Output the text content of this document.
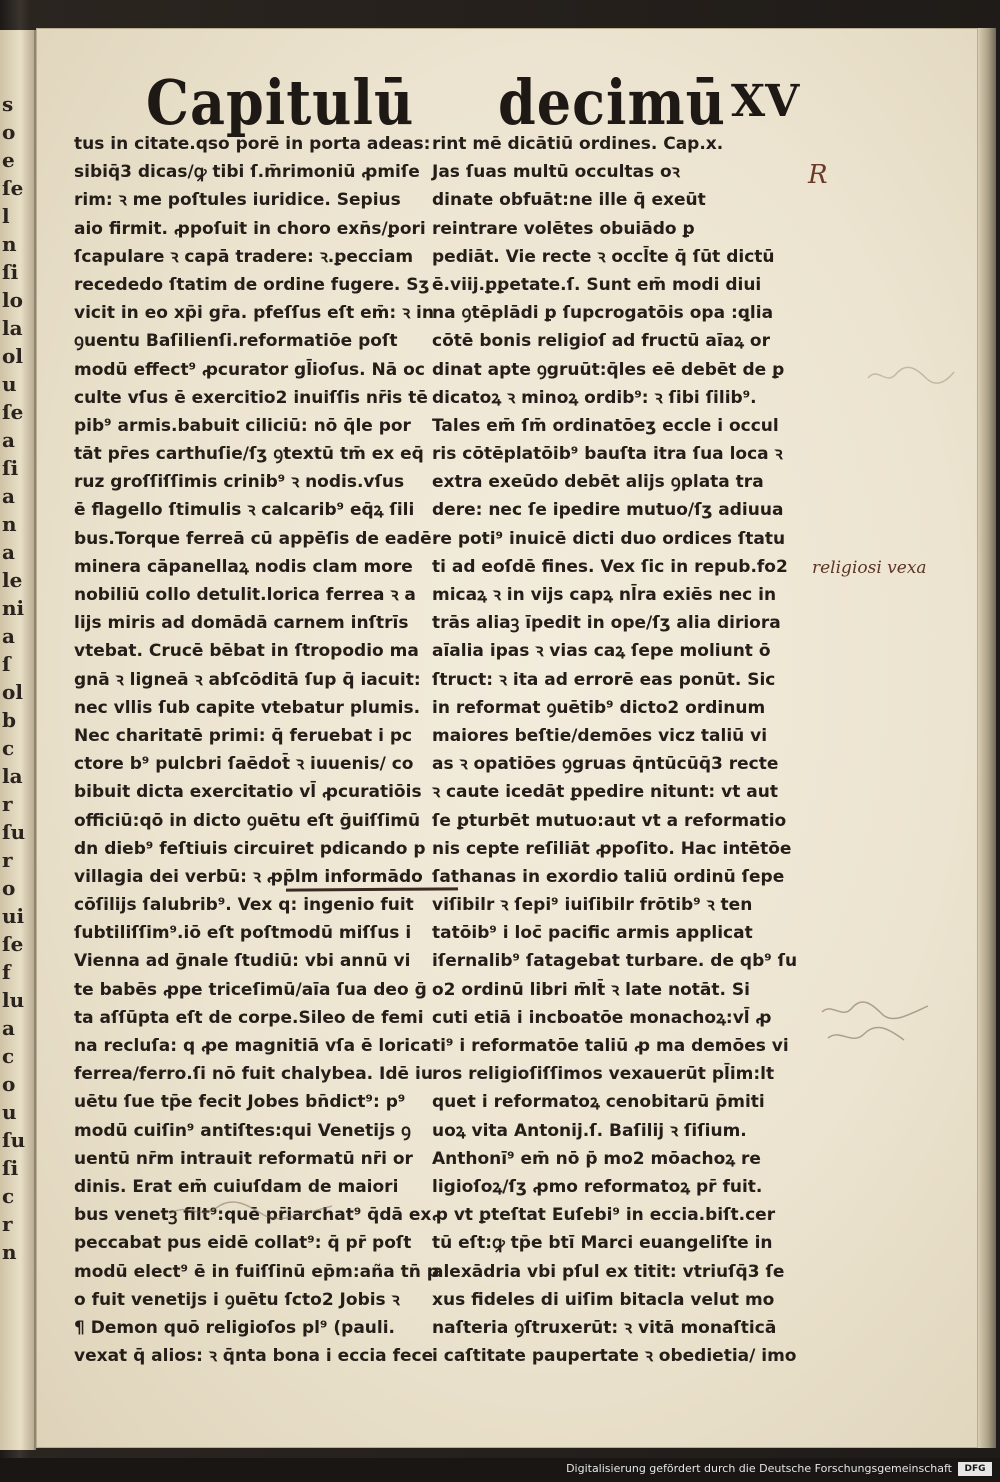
s
o
e
ſe
l
n
ſi
lo
la
ol
u
ſe
a
ſi
a
n
a
le
ni
a
ſ
ol
b
c
la
r
ſu
r
o
ui
ſe
f
lu
a
c
o
u
ſu
ſi
c
r
n
Capitulū decimū XV
tus in citate.qso porē in porta adeas:
sibiq̄3 dicas/ꝙ tibi ſ.m̄rimoniū ꝓmiſe
rim: ꝛ me poſtules iuridice. Sepius
aio firmit. ꝓpoſuit in choro exn̄s/ꝑori
ſcapulare ꝛ capā tradere: ꝛ.ꝑecciam
recededo ſtatim de ordine fugere. Sʒ
vicit in eo xp̄i gr̄a. pfeſſus eſt em̄: ꝛ in
ꝯuentu Baſilienſi.reformatiōe poſt
modū effect⁹ ꝓcurator gl̄ioſus. Nā oc
culte vſus ē exercitio2 inuiſſis nr̄is tē
pib⁹ armis.babuit ciliciū: nō q̄le por
tāt pr̄es carthuſie/ſʒ ꝯtextū tm̄ ex eq̄
ruz groſſiſſimis crinib⁹ ꝛ nodis.vſus
ē flagello ſtimulis ꝛ calcarib⁹ eq̄ꝝ ſili
bus.Torque ferreā cū appēſis de eadē
minera cāpanellaꝝ nodis clam more
nobiliū collo detulit.lorica ferrea ꝛ a
lijs miris ad domādā carnem inſtrīs
vtebat. Crucē bēbat in ſtropodio ma
gnā ꝛ ligneā ꝛ abſcōditā ſup q̄ iacuit:
nec vllis ſub capite vtebatur plumis.
Nec charitatē primi: q̄ feruebat i pc
ctore b⁹ pulcbri ſaēdot̄ ꝛ iuuenis/ co
bibuit dicta exercitatio vl̄ ꝓcuratiōis
officiū:qō in dicto ꝯuētu eſt ḡuiſſimū
dn dieb⁹ feſtiuis circuiret pdicando p
villagia dei verbū: ꝛ ꝓp̄lm informādo
cōſilijs ſalubrib⁹. Vex q: ingenio fuit
ſubtiliſſim⁹.iō eſt poſtmodū miſſus i
Vienna ad ḡnale ſtudiū: vbi annū vi
te babēs ꝓpe triceſimū/aīa ſua deo ḡ
ta aſſūpta eſt de corpe.Sileo de femi
na recluſa: q ꝓe magnitiā vſa ē lorica
ferrea/ferro.ſi nō fuit chalybea. Idē iu
uētu ſue tp̄e fecit Jobes bn̄dict⁹: p⁹
modū cuiſin⁹ antiſtes:qui Venetijs ꝯ
uentū nr̄m intrauit reformatū nr̄i or
dinis. Erat em̄ cuiuſdam de maiori
bus venetꝫ filt⁹:quē pr̄iarchat⁹ q̄dā ex
peccabat pus eidē collat⁹: q̄ pr̄ poſt
modū elect⁹ ē in fuiſſinū ep̄m:aña tn̄ p
o fuit venetijs i ꝯuētu ſcto2 Jobis ꝛ
¶ Demon quō religioſos pl⁹ (pauli.
vexat q̄ alios: ꝛ q̄nta bona i eccia fece
rint mē dicātiū ordines. Cap.x.
Jas ſuas multū occultas oꝛ
dinate obfuāt:ne ille q̄ exeūt
reintrare volētes obuiādo ꝑ
pediāt. Vie recte ꝛ occl̄te q̄ ſūt dictū
ē.viij.ꝑꝑetate.ſ. Sunt em̄ modi diui
na ꝯtēplādi ꝑ ſupcrogatōis opa :ꝗlia
cōtē bonis religioſ ad fructū aīaꝝ or
dinat apte ꝯgruūt:q̄les eē debēt de ꝑ
dicatoꝝ ꝛ minoꝝ ordib⁹: ꝛ ſibi ſilib⁹.
Tales em̄ ſm̄ ordinatōeʒ eccle i occul
ris cōtēplatōib⁹ bauſta itra ſua loca ꝛ
extra exeūdo debēt alijs ꝯplata tra
dere: nec ſe ipedire mutuo/ſʒ adiuua
re poti⁹ inuicē dicti duo ordices ſtatu
ti ad eoſdē fines. Vex ſic in repub.fo2
micaꝝ ꝛ in vijs capꝝ nl̄ra exiēs nec in
trās aliaꝫ īpedit in ope/ſʒ alia diriora
aīalia ipas ꝛ vias caꝝ ſepe moliunt ō
ſtruct: ꝛ ita ad errorē eas ponūt. Sic
in reformat ꝯuētib⁹ dicto2 ordinum
maiores beſtie/demōes vicz taliū vi
as ꝛ opatiōes ꝯgruas q̄ntūcūq̄3 recte
ꝛ caute icedāt ꝑpedire nitunt: vt aut
ſe ꝑturbēt mutuo:aut vt a reformatio
nis cepte reſiliāt ꝓpoſito. Hac intētōe
ſathanas in exordio taliū ordinū ſepe
viſibilr ꝛ ſepi⁹ iuiſibilr frōtib⁹ ꝛ ten
tatōib⁹ i loc̄ pacific armis applicat
iſernalib⁹ ſatagebat turbare. de qb⁹ ſu
o2 ordinū libri m̄lt̄ ꝛ late notāt. Si
cuti etiā i incboatōe monachoꝝ:vl̄ ꝓ
ti⁹ i reformatōe taliū ꝓ ma demōes vi
ros religioſiſſimos vexauerūt pl̄im:lt
quet i reformatoꝝ cenobitarū p̄miti
uoꝝ vita Antonij.ſ. Baſilij ꝛ ſiſium.
Anthonī⁹ em̄ nō p̄ mo2 mōachoꝝ re
ligioſoꝝ/ſʒ ꝓmo reformatoꝝ pr̄ fuit.
ꝓ vt ꝑteſtat Euſebi⁹ in eccia.biſt.cer
tū eſt:ꝙ tp̄e btī Marci euangeliſte in
alexādria vbi pſul ex titit: vtriuſq̄3 ſe
xus fideles di uiſim bitacla velut mo
naſteria ꝯſtruxerūt: ꝛ vitā monaſticā
i caſtitate paupertate ꝛ obedietia/ imo
R
religiosi vexa
Digitalisierung gefördert durch die Deutsche Forschungsgemeinschaft	DFG
